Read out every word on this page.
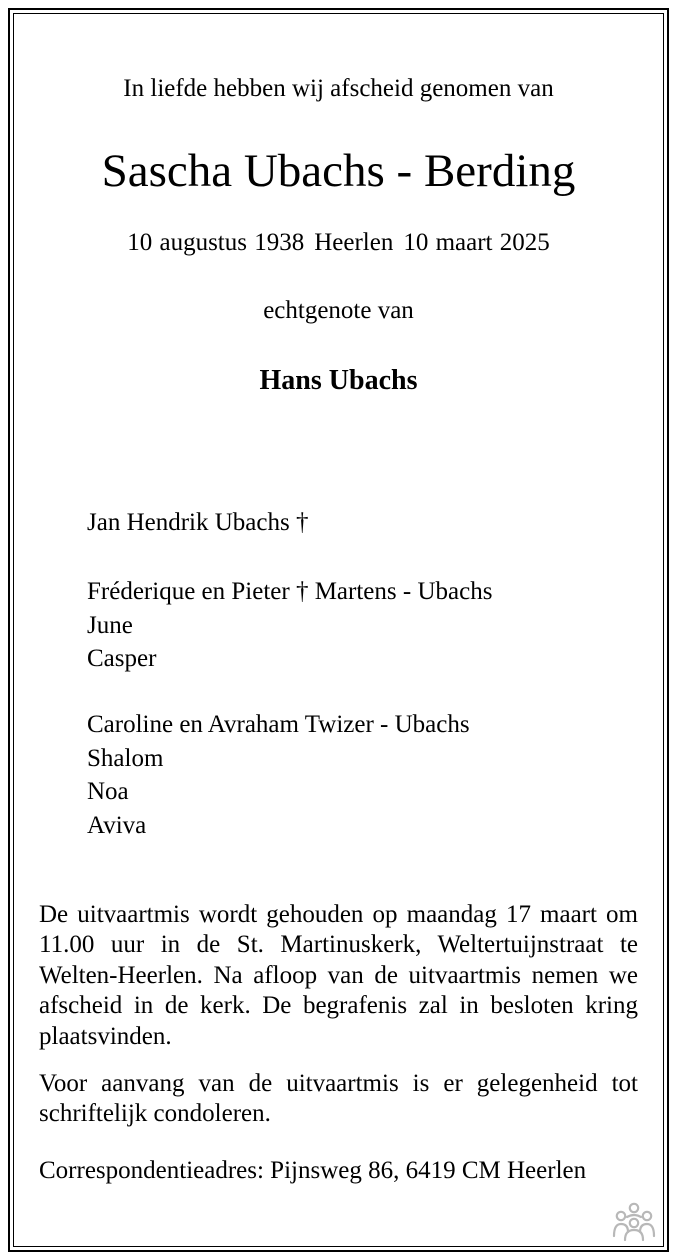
In liefde hebben wij afscheid genomen van
Sascha Ubachs - Berding
10 augustus 1938 Heerlen 10 maart 2025
echtgenote van
Hans Ubachs
Jan Hendrik Ubachs †
Fréderique en Pieter † Martens - Ubachs
June
Casper
Caroline en Avraham Twizer - Ubachs
Shalom
Noa
Aviva
De uitvaartmis wordt gehouden op maandag 17 maart om 11.00 uur in de St. Martinuskerk, Weltertuijnstraat te Welten-Heerlen. Na afloop van de uitvaartmis nemen we afscheid in de kerk. De begrafenis zal in besloten kring plaatsvinden.
Voor aanvang van de uitvaartmis is er gelegenheid tot schriftelijk condoleren.
Correspondentieadres: Pijnsweg 86, 6419 CM Heerlen
